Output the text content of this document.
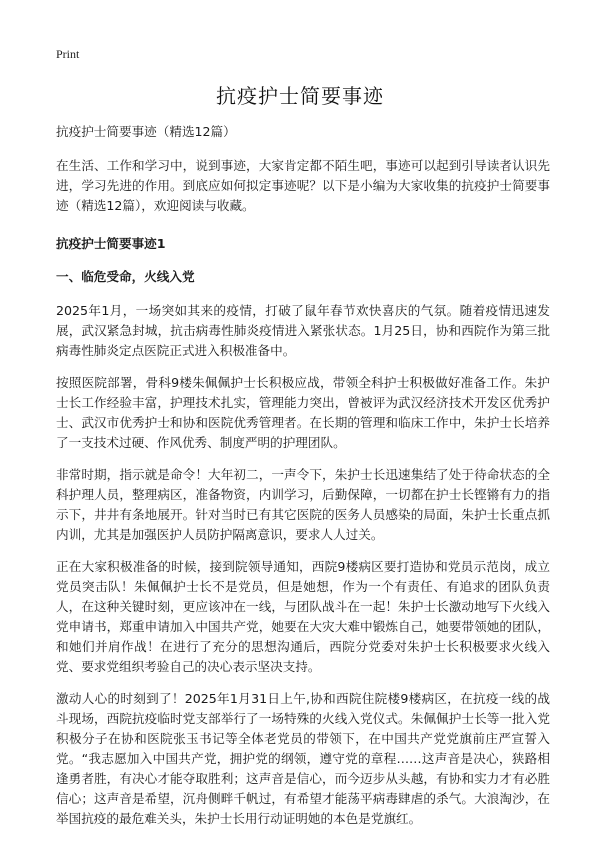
Print
抗疫护士简要事迹

抗疫护士简要事迹（精选12篇）

在生活、工作和学习中，说到事迹，大家肯定都不陌生吧，事迹可以起到引导读者认识先进，学习先进的作用。到底应如何拟定事迹呢？以下是小编为大家收集的抗疫护士简要事迹（精选12篇），欢迎阅读与收藏。

抗疫护士简要事迹1

一、临危受命，火线入党

2025年1月，一场突如其来的疫情，打破了鼠年春节欢快喜庆的气氛。随着疫情迅速发展，武汉紧急封城，抗击病毒性肺炎疫情进入紧张状态。1月25日，协和西院作为第三批病毒性肺炎定点医院正式进入积极准备中。

按照医院部署，骨科9楼朱佩佩护士长积极应战，带领全科护士积极做好准备工作。朱护士长工作经验丰富，护理技术扎实，管理能力突出，曾被评为武汉经济技术开发区优秀护士、武汉市优秀护士和协和医院优秀管理者。在长期的管理和临床工作中，朱护士长培养了一支技术过硬、作风优秀、制度严明的护理团队。

非常时期，指示就是命令！大年初二，一声令下，朱护士长迅速集结了处于待命状态的全科护理人员，整理病区，准备物资，内训学习，后勤保障，一切都在护士长铿锵有力的指示下，井井有条地展开。针对当时已有其它医院的医务人员感染的局面，朱护士长重点抓内训，尤其是加强医护人员防护隔离意识，要求人人过关。

正在大家积极准备的时候，接到院领导通知，西院9楼病区要打造协和党员示范岗，成立党员突击队！朱佩佩护士长不是党员，但是她想，作为一个有责任、有追求的团队负责人，在这种关键时刻，更应该冲在一线，与团队战斗在一起！朱护士长激动地写下火线入党申请书，郑重申请加入中国共产党，她要在大灾大难中锻炼自己，她要带领她的团队，和她们并肩作战！在进行了充分的思想沟通后，西院分党委对朱护士长积极要求火线入党、要求党组织考验自己的决心表示坚决支持。

激动人心的时刻到了！2025年1月31日上午,协和西院住院楼9楼病区，在抗疫一线的战斗现场，西院抗疫临时党支部举行了一场特殊的火线入党仪式。朱佩佩护士长等一批入党积极分子在协和医院张玉书记等全体老党员的带领下，在中国共产党党旗前庄严宣誓入党。“我志愿加入中国共产党，拥护党的纲领，遵守党的章程……这声音是决心，狭路相逢勇者胜，有决心才能夺取胜利；这声音是信心，而今迈步从头越，有协和实力才有必胜信心；这声音是希望，沉舟侧畔千帆过，有希望才能荡平病毒肆虐的杀气。大浪淘沙，在举国抗疫的最危难关头，朱护士长用行动证明她的本色是党旗红。
